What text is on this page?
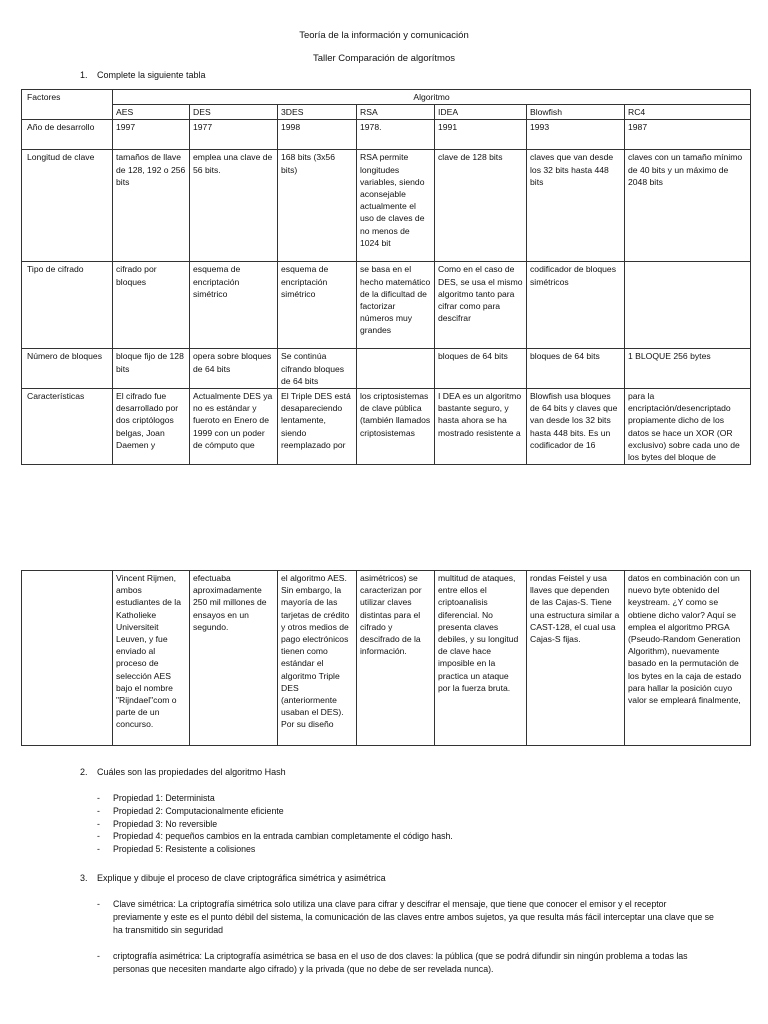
Teoría de la información y comunicación
Taller Comparación de algorítmos
1. Complete la siguiente tabla
Factores	Algoritmo						
	AES	DES	3DES	RSA	IDEA	Blowfish	RC4
Año de desarrollo	1997	1977	1998	1978.	1991	1993	1987
Longitud de clave	tamaños de llave de 128, 192 o 256 bits	emplea una clave de 56 bits.	168 bits (3x56 bits)	RSA permite longitudes variables, siendo aconsejable actualmente el uso de claves de no menos de 1024 bit	clave de 128 bits	claves que van desde los 32 bits hasta 448 bits	claves con un tamaño mínimo de 40 bits y un máximo de 2048 bits
Tipo de cifrado	cifrado por bloques	esquema de encriptación simétrico	esquema de encriptación simétrico	se basa en el hecho matemático de la dificultad de factorizar números muy grandes	Como en el caso de DES, se usa el mismo algoritmo tanto para cifrar como para descifrar	codificador de bloques simétricos	
Número de bloques	bloque fijo de 128 bits	opera sobre bloques de 64 bits	Se continúa cifrando bloques de 64 bits		bloques de 64 bits	bloques de 64 bits	1 BLOQUE 256 bytes
Características	El cifrado fue desarrollado por dos criptólogos belgas, Joan Daemen y	Actualmente DES ya no es estándar y fueroto en Enero de 1999 con un poder de cómputo que	El Triple DES está desapareciendo lentamente, siendo reemplazado por	los criptosistemas de clave pública (también llamados criptosistemas	I DEA es un algoritmo bastante seguro, y hasta ahora se ha mostrado resistente a	Blowfish usa bloques de 64 bits y claves que van desde los 32 bits hasta 448 bits. Es un codificador de 16	para la encriptación/desencriptado propiamente dicho de los datos se hace un XOR (OR exclusivo) sobre cada uno de los bytes del bloque de
	Vincent Rijmen, ambos estudiantes de la Katholieke Universiteit Leuven, y fue enviado al proceso de selección AES bajo el nombre "Rijndael"com o parte de un concurso.	efectuaba aproximadamente 250 mil millones de ensayos en un segundo.	el algoritmo AES. Sin embargo, la mayoría de las tarjetas de crédito y otros medios de pago electrónicos tienen como estándar el algoritmo Triple DES (anteriormente usaban el DES). Por su diseño	asimétricos) se caracterizan por utilizar claves distintas para el cifrado y descifrado de la información.	multitud de ataques, entre ellos el criptoanalisis diferencial. No presenta claves debiles, y su longitud de clave hace imposible en la practica un ataque por la fuerza bruta.	rondas Feistel y usa llaves que dependen de las Cajas-S. Tiene una estructura similar a CAST-128, el cual usa Cajas-S fijas.	datos en combinación con un nuevo byte obtenido del keystream. ¿Y como se obtiene dicho valor? Aquí se emplea el algoritmo PRGA (Pseudo-Random Generation Algorithm), nuevamente basado en la permutación de los bytes en la caja de estado para hallar la posición cuyo valor se empleará finalmente,
2. Cuáles son las propiedades del algoritmo Hash
- Propiedad 1: Determinista
- Propiedad 2: Computacionalmente eficiente
- Propiedad 3: No reversible
- Propiedad 4: pequeños cambios en la entrada cambian completamente el código hash.
- Propiedad 5: Resistente a colisiones
3. Explique y dibuje el proceso de clave criptográfica simétrica y asimétrica
- Clave simétrica: La criptografía simétrica solo utiliza una clave para cifrar y descifrar el mensaje, que tiene que conocer el emisor y el receptor previamente y este es el punto débil del sistema, la comunicación de las claves entre ambos sujetos, ya que resulta más fácil interceptar una clave que se ha transmitido sin seguridad
- criptografía asimétrica: La criptografía asimétrica se basa en el uso de dos claves: la pública (que se podrá difundir sin ningún problema a todas las personas que necesiten mandarte algo cifrado) y la privada (que no debe de ser revelada nunca).
